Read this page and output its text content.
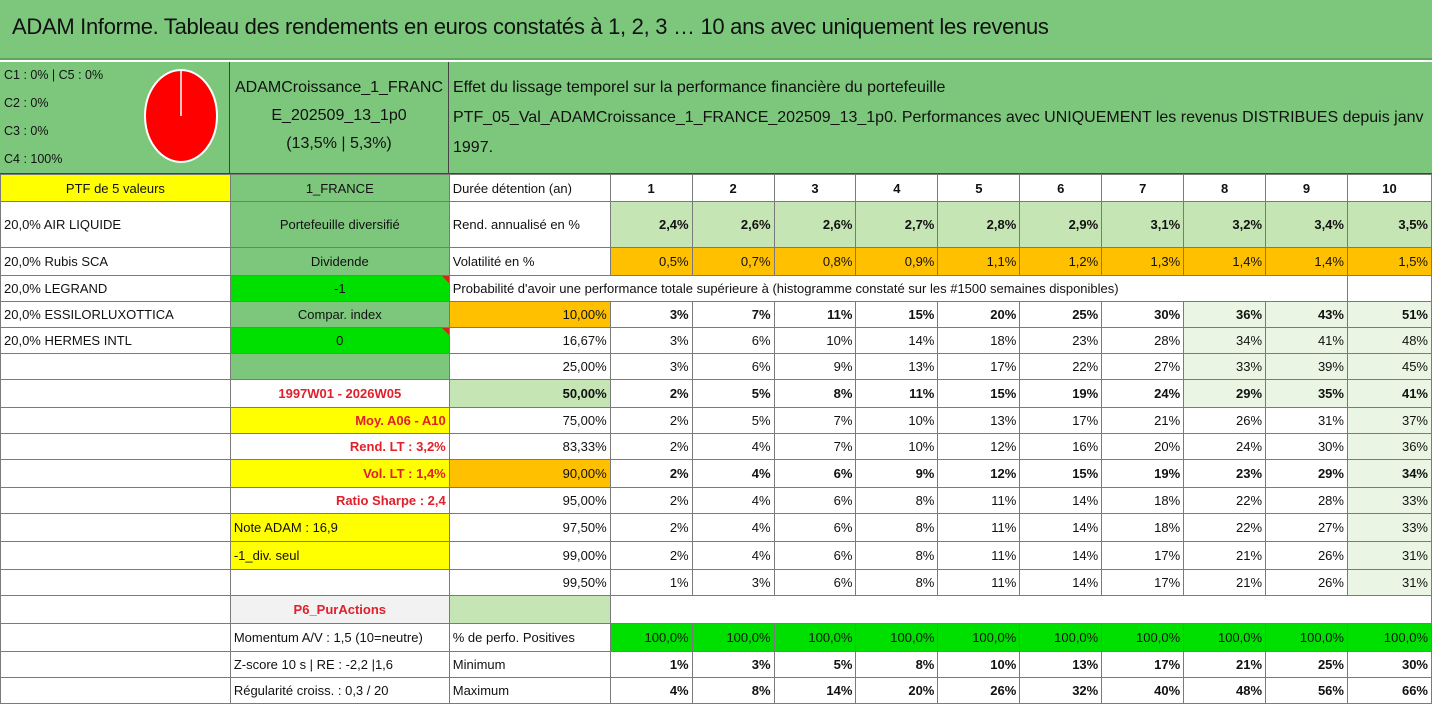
ADAM Informe. Tableau des rendements en euros constatés à 1, 2, 3 … 10 ans avec uniquement les revenus
C1 : 0% | C5 : 0%
C2 : 0%
C3 : 0%
C4 : 100%
ADAMCroissance_1_FRANC
E_202509_13_1p0
(13,5% | 5,3%)
Effet du lissage temporel sur la performance financière du portefeuille
PTF_05_Val_ADAMCroissance_1_FRANCE_202509_13_1p0. Performances avec UNIQUEMENT les revenus DISTRIBUES depuis janv
1997.
PTF de 5 valeurs	1_FRANCE	Durée détention (an)	1	2	3	4	5	6	7	8	9	10
20,0% AIR LIQUIDE	Portefeuille diversifié	Rend. annualisé en %	2,4%	2,6%	2,6%	2,7%	2,8%	2,9%	3,1%	3,2%	3,4%	3,5%
20,0% Rubis SCA	Dividende	Volatilité en %	0,5%	0,7%	0,8%	0,9%	1,1%	1,2%	1,3%	1,4%	1,4%	1,5%
20,0% LEGRAND	-1	Probabilité d'avoir une performance totale supérieure à (histogramme constaté sur les #1500 semaines disponibles)										
20,0% ESSILORLUXOTTICA	Compar. index	10,00%	3%	7%	11%	15%	20%	25%	30%	36%	43%	51%
20,0% HERMES INTL	0	16,67%	3%	6%	10%	14%	18%	23%	28%	34%	41%	48%
		25,00%	3%	6%	9%	13%	17%	22%	27%	33%	39%	45%
	1997W01 - 2026W05	50,00%	2%	5%	8%	11%	15%	19%	24%	29%	35%	41%
	Moy. A06 - A10	75,00%	2%	5%	7%	10%	13%	17%	21%	26%	31%	37%
	Rend. LT : 3,2%	83,33%	2%	4%	7%	10%	12%	16%	20%	24%	30%	36%
	Vol. LT : 1,4%	90,00%	2%	4%	6%	9%	12%	15%	19%	23%	29%	34%
	Ratio Sharpe : 2,4	95,00%	2%	4%	6%	8%	11%	14%	18%	22%	28%	33%
	Note ADAM : 16,9	97,50%	2%	4%	6%	8%	11%	14%	18%	22%	27%	33%
	-1_div. seul	99,00%	2%	4%	6%	8%	11%	14%	17%	21%	26%	31%
		99,50%	1%	3%	6%	8%	11%	14%	17%	21%	26%	31%
	P6_PurActions											
	Momentum A/V : 1,5 (10=neutre)	% de perfo. Positives	100,0%	100,0%	100,0%	100,0%	100,0%	100,0%	100,0%	100,0%	100,0%	100,0%
	Z-score 10 s | RE : -2,2 |1,6	Minimum	1%	3%	5%	8%	10%	13%	17%	21%	25%	30%
	Régularité croiss. : 0,3 / 20	Maximum	4%	8%	14%	20%	26%	32%	40%	48%	56%	66%
